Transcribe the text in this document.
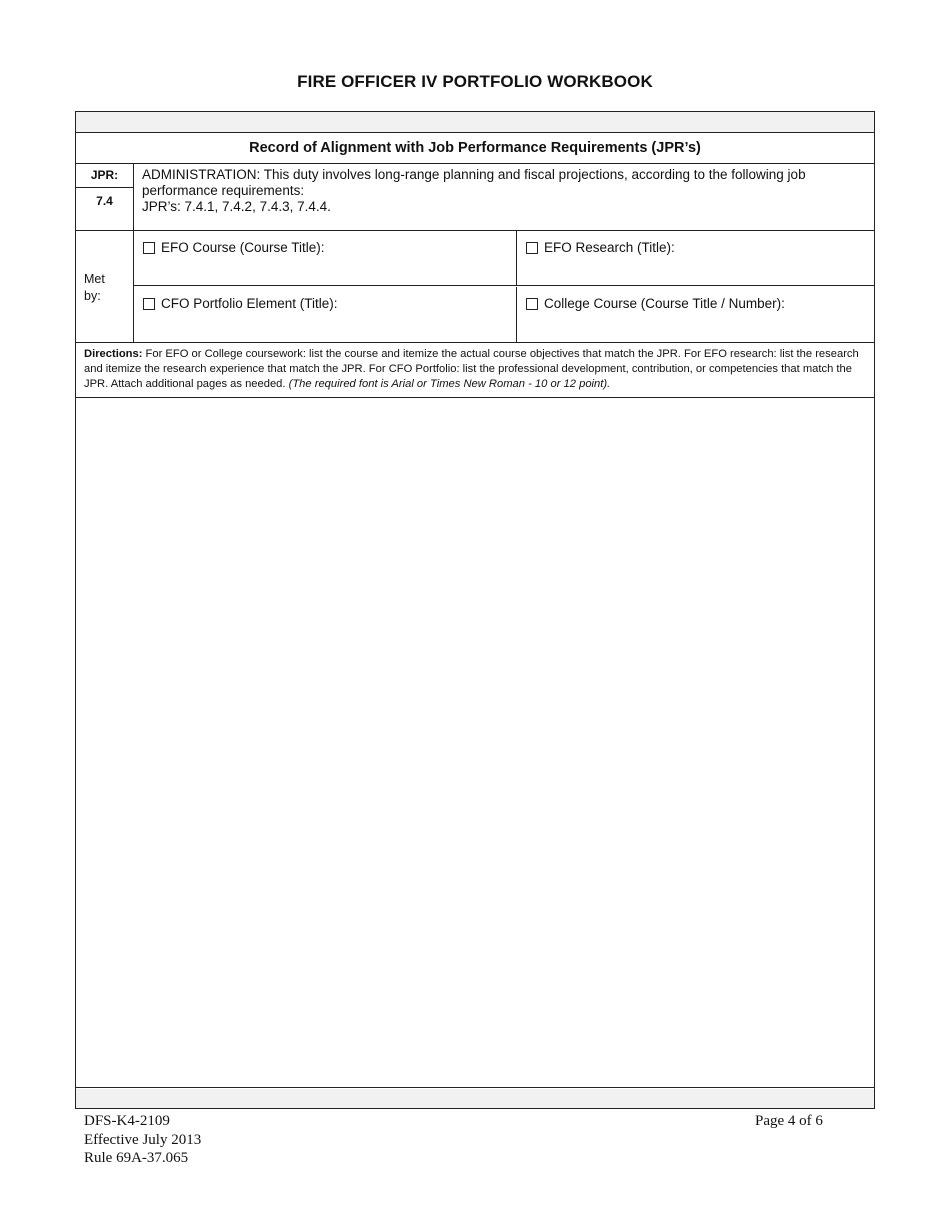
FIRE OFFICER IV PORTFOLIO WORKBOOK
Record of Alignment with Job Performance Requirements (JPR’s)
JPR:
7.4
ADMINISTRATION: This duty involves long-range planning and fiscal projections, according to the following job performance requirements:
JPR’s: 7.4.1, 7.4.2, 7.4.3, 7.4.4.
Met by:
EFO Course (Course Title):	EFO Research (Title):
CFO Portfolio Element (Title):	College Course (Course Title / Number):
Directions: For EFO or College coursework: list the course and itemize the actual course objectives that match the JPR. For EFO research: list the research and itemize the research experience that match the JPR. For CFO Portfolio: list the professional development, contribution, or competencies that match the JPR. Attach additional pages as needed. (The required font is Arial or Times New Roman - 10 or 12 point).
DFS-K4-2109
Effective July 2013
Rule 69A-37.065
Page 4 of 6
